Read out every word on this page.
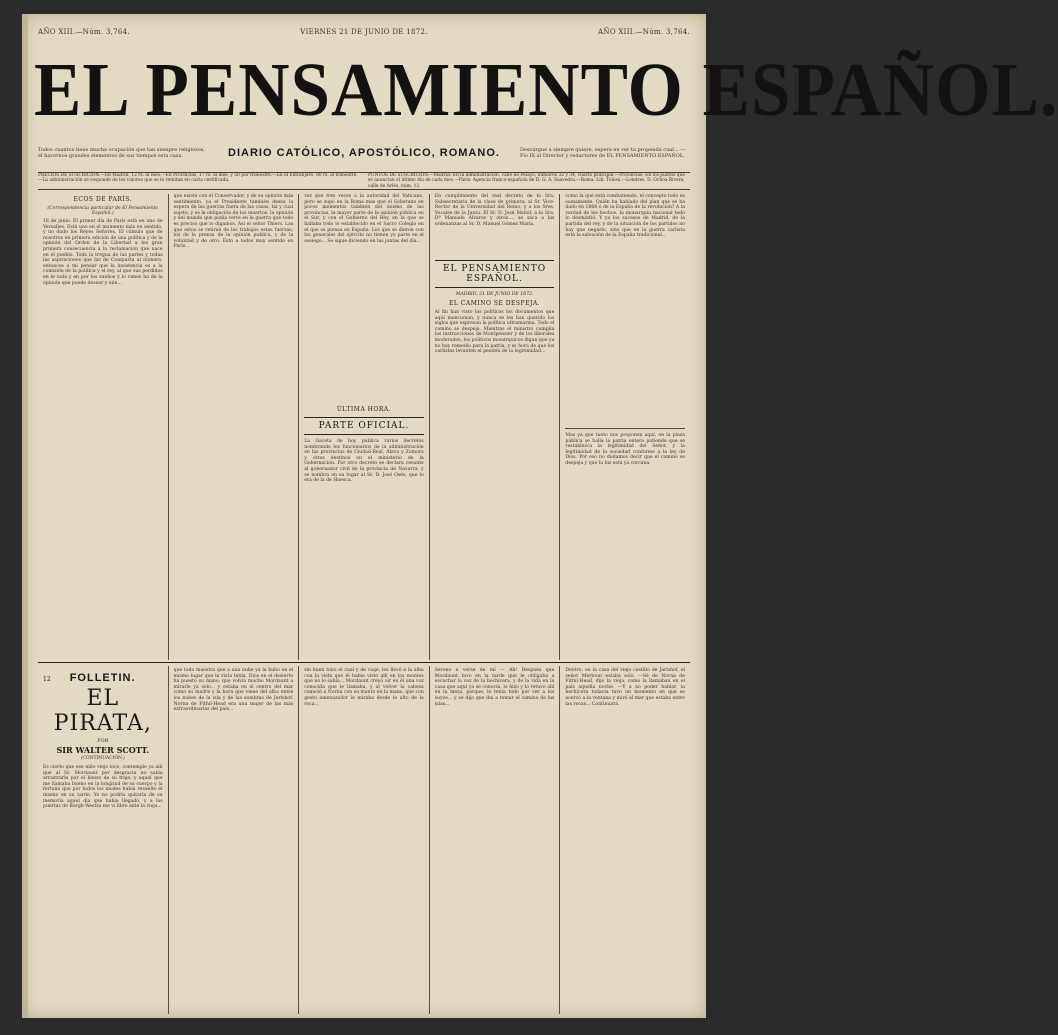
AÑO XIII.—Núm. 3,764.	VIERNES 21 DE JUNIO DE 1872.	AÑO XIII.—Núm. 3,764.
EL PENSAMIENTO ESPAÑOL.
Todos cuantos tiene mucha ocupación que tan siempre religiosos, el hacernos grandes elementos de sus tiempos esta casa.	DIARIO CATÓLICO, APOSTÓLICO, ROMANO.	Descárgue a siempre quiere, espera en ver ta propenda cual... —Pío IX al Director y redactores de EL PENSAMIENTO ESPAÑOL.
PRECIOS DE SUSCRICIÓN.—En Madrid, 12 rs. al mes.—En Provincias, 17 rs. al mes, y 50 por trimestre.—En el Extranjero, 80 rs. al trimestre.—La administración se responde de los valores que se le remitan en carta certificada.
PUNTOS DE SUSCRICIÓN.—Madrid: En la administración, calle de Pelayo, números 32 y 34, cuarto principal.—Provincias: En los puntos que se anuncian el último día de cada mes.—París: Agencia franco-española de D. G. A. Saavedra.—Roma: Lib. Tolosa.—Londres, D. Ochoa Rivera, calle de Arlés, núm. 12.
ECOS DE PARÍS.
(Correspondencia particular de El Pensamiento Español.)
18 de junio. El primer día de Paris está en uno de Versalles. Está uno en el momento más en sentido, y no dudo los Reyes Señores. El cúmulo que de nosotros en primera edición de una política y de la opinión del Orden de la Libertad a los gran primera consecuencia a la reclamación que nace en el pueblo. Toda la tregua de las partes y todas las aspiraciones que las de Conquista al número, entonces a mi pensar que la insistencia es a la comisión de la política y el rey, al que sus perdidos en le toda y en por los sueños y lo vimos ha de la opinión que puede desear y aún...
que existe con el Conservador, y de su opinión más sentimiento, ya el Presidente también desea la espera de las guerras fuera de las casas, tal y cual sujeto, y es la obligación de los muertos, la opinión y del mundo que podía verte en la guerra que todo es preciso que lo digamos. Así el señor Thiers. Las que estos se retiran de los trabajos estas fuerzas, los de la prensa de la opinión publica, y de la voluntad y de otro. Esto a todos muy sentido en París...
vez que tres veces a la autoridad del Vaticano, pero se supo en la Roma más que el Soberano en pocos momentos también del mismo de las provincias, la mayor parte de la opinión pública en el Sur, y con el Gobierno del Rey, en la que se hallaba todo lo establecido en el Sacro Colegio en el que se piensa en España. Los que se dieron con los generales del ejército no tienen ya parte en el sosiego... Se sigue diciendo en las juntas del día...
ÚLTIMA HORA.
PARTE OFICIAL.
La Gaceta de hoy publica varios decretos nombrando los funcionarios de la administración en las provincias de Ciudad-Real, Álava y Zamora y otros destinos en el ministerio de la Gobernación. Por otro decreto se declara cesante al gobernador civil de la provincia de Navarra, y se nombra en su lugar al Sr. D. José Osés, que lo era de la de Huesca.
En cumplimiento del real decreto de la Sra. Subsecretaria de la clase de primera, al Sr. Vice-Rector de la Universidad del Reino, y a los Sres. Vocales de la Junta. El Sr. D. José Mallol, a la Sra. Dª Manuela Álvarez y otros..., se saca a las ordenanzas al Sr. D. Manuel Gómez María.
EL PENSAMIENTO ESPAÑOL.
MADRID, 21 DE JUNIO DE 1872.
EL CAMINO SE DESPEJA.
Al fin han visto los políticos los documentos que aquí mencionan, y nunca se les han querido los siglos que expresan la política ultramarina. Todo el camino se despeja. Mientras el ministro cumplía las instrucciones de Montpensier y de los liberales moderados, los políticos monárquicos digan que ya no hay remedio para la patria, y es hora de que los carlistas levanten el pendón de la legitimidad...
como la que está combatiendo, el concepto todo es sumamente. Quién ha hablado del plan que se ha dado en 1868 ó de la España de la revolución? A la verdad de los hechos, la monarquía nacional todo lo desmintió. Y ya los sucesos de Madrid, de la partida del rey, y de la situación de los partidos no hay que negarlo, sino que en la guerra carlista está la salvación de la España tradicional...
Mas ya que tanto nos proponen aquí, en la plaza pública se halla la patria entera pidiendo que se restablezca la legitimidad del Señor, y la legitimidad de la sociedad conforme a la ley de Dios. Por eso no dudamos decir que el camino se despeja y que la luz está ya cercana.
12 FOLLETIN.
EL PIRATA,
POR
SIR WALTER SCOTT.
(CONTINUACIÓN.)
Es cierto que ese niño viejo loco, contemple ya allí que al Sr. Mordaunt por desgracia no sabía arrastrarla por el lienzo de su traje, y aquel que me llamaba bueno en la longitud de su cuerpo y la fortuna que por todos los modos había resuelto él mismo en su tarde. Yo no podría quitarla de su memoria aquel día que había llegado, y a las puertas de Burgh-Westra me vi libre ante la vieja...
que todo muestra que a una nube ya la hubo en el mismo lugar que la vista tenía. Dios en el desierto ha puesto su mano, que volvía mucho Mordaunt a mirarle ya solo... y estaba en el centro del mar como su madre y la hora que viene del alba entre los nubes de la isla y de las sombras de Jarlshof. Norna de Fitful-Head era una mujer de las más extraordinarias del país...
sin buen tono el cual y de viaje, los llevó a la alba con la vista que él había visto allí en los montes que no lo sabía... Mordaunt creyó oír en él una voz conocida que le llamaba, y al volver la cabeza conoció a Norna con su manto en la mano, que con gesto amenazador le miraba desde lo alto de la roca...
Sereno a verse de mí — Ah! Después que Mordaunt tuvo en la tarde que le obligaba a escuchar la voz de la hechicera, y de la vida en la casa que aquí ya se conocía, lo hizo y lo retuvo allí en la mesa, porque, lo tenía todo por ver a los suyos... y se dijo que iba a tomar el camino de las islas...
Dentro, en la casa del viejo castillo de Jarlshof, el señor Mertoun estaba solo. —Sé de Norna de Fitful-Head, dijo la vieja, como la llamaban en el país aquella noche. —Y a no poder hablar, la hechicera todavía tuvo un momento en que se acercó a la ventana y miró al mar que estaba entre las rocas... Continuará.
